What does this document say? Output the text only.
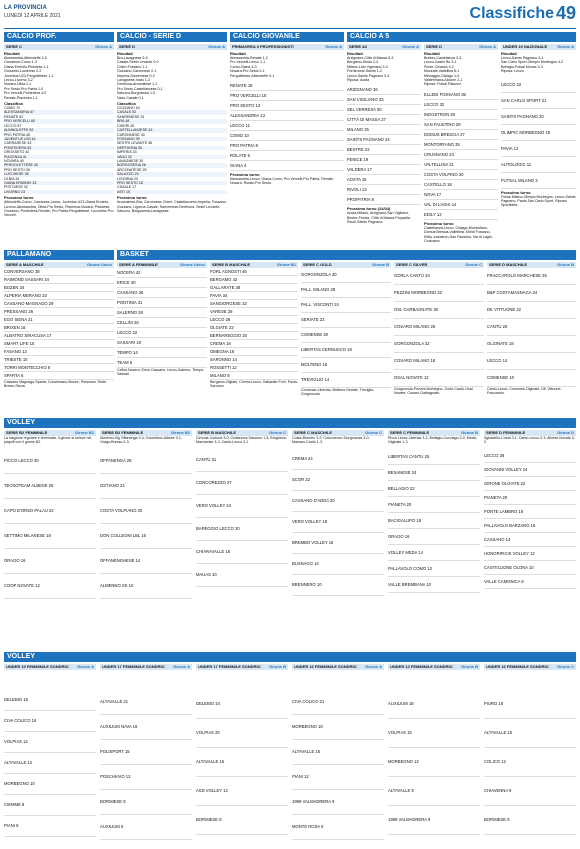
LA PROVINCIA
LUNEDÌ 12 APRILE 2021	Classifiche 49
CALCIO PROF.	CALCIO - SERIE D	CALCIO GIOVANILE	CALCIO A 5
SERIE C	Girone A
Risultati
Alessandria-Albinoleffe 2-0
Carrarese-Como 1-3
Giana Erminio-Pistoiese 1-1
Grosseto-Lucchese 2-2
Juventus U23-Pergolettese 1-1
Lecco-Livorno 3-2
Novara-Olbia 2-1
Pro Sesto-Pro Patria 1-0
Pro Vercelli-Pontedera 4-0
Renate-Piacenza 1-1
Classifica
COMO 70
ALESSANDRIA 67
RENATE 62
PRO VERCELLI 60
LECCO 57
ALBINOLEFFE 52
PRO PATRIA 45
JUVENTUS U23 44
CARRARESE 43
PONTEDERA 43
GROSSETO 42
PIACENZA 41
NOVARA 40
PERGOLETTESE 40
PRO SESTO 39
LUCCHESE 35
OLBIA 34
GIANA ERMINIO 33
PISTOIESE 32
LIVORNO 23
Prossimo turno
Albinoleffe-Como, Carrarese-Lecco, Juventus U23-Giana Erminio, Livorno-Alessandria, Olbia-Pro Sesto, Piacenza-Novara, Pistoiese-Grosseto, Pontedera-Renate, Pro Patria-Pergolettese, Lucchese-Pro Vercelli.
SERIE D	Girone A
Risultati
Bra-Lavagnese 3-0
Casale-Sestri Levante 0-0
Chieri-Fossano 1-1
Gozzano-Caronnese 2-1
Imperia-Sanremese 0-2
Lavagnese-Vado 1-2
Derthona-Arconatese 1-1
Pro Sesto-Castellanzese 0-1
Saluzzo-Borgosesia 1-0
Vado-Casale 0-1
Classifica
GOZZANO 54
CASALE 52
SANREMESE 51
BRA 48
CHIERI 45
CASTELLANZESE 43
CARONNESE 40
FOSSANO 39
SESTRI LEVANTE 36
DERTHONA 35
IMPERIA 33
VADO 32
LAVAGNESE 30
BORGOSESIA 26
ARCONATESE 25
SALUZZO 23
LIGORNA 20
PRO SESTO 18
CASALE 17
ASTI 15
Prossimo turno
Arconatese-Bra, Caronnese-Chieri, Castellanzese-Imperia, Fossano-Gozzano, Ligorna-Casale, Sanremese-Derthona, Sestri Levante-Saluzzo, Borgosesia-Lavagnese.
PRIMAVERA 3 PROFESSIONISTI	Girone A
Risultati
Alessandria-Renate 1-2
Pro Vercelli-Lecco 1-1
Como-Giana 3-0
Novara-Pro Sesto 2-1
Pergolettese-Albinoleffe 0-1
RENATE 18
PRO VERCELLI 15
PRO SESTO 13
ALESSANDRIA 13
LECCO 11
COMO 10
PRO PATRIA 9
ROLATE 6
GIANA 4
Prossimo turno
Alessandria-Lecco, Giana-Como, Pro Vercelli-Pro Patria, Renate-Novara, Rolate-Pro Sesto.
SERIE A2	Girone A
Risultati
Arzignano-Città di Massa 5-3
Bergamo-Sestu 2-4
Milano-Lido Vigevano 3-3
Pordenone-Saints 1-2
Lecco-Saints Pagnano 0-4
Riposa: Aosta
ARZIGNANO 36
SAN VIGILIANO 33
SEL VERRESA 30
CITTÀ DI MASSA 27
MILANO 25
SAINTS PAGNANO 24
BESTRE 22
FENICE 19
VALDERA 17
AOSTA 15
RIVOLI 13
PROPATRIA 9
Prossimo turno (24/04)
Aosta-Milano, Arzignano-San Vigiliano, Bestre-Fenice, Città di Massa-Propatria, Rivoli-Saints Pagnano.
SERIE D	Girone A
Risultati
Bubbio-Castellanza 2-5
Lecco-Castel Bo 3-1
Ponte-Chiasso 4-2
Mozzate-Valtellina 6-1
Menaggio-Cislago 1-4
Valdermana-Alcione 2-1
Riposa: Futsal Palazzo
ELLEDI FOSSANO 35
LECCO 32
INDOSTRON 30
SAN FAUSTINO 28
DOMUS BRESCIA 27
MONTORFANO 25
CRUSNANO 23
VALTELLINA 21
COSTA VOLPINO 20
CASTELLO 18
NOVA 17
VAL DI LAGHI 14
EDILY 12
Prossimo turno
Castellanza-Lecco, Cislago-Montorfano, Domus Brescia-Valtellina, Elledi Fossano-Edily, Indostron-San Faustino, Val di Laghi-Crusnano.
UNDER 19 NAZIONALE	Girone A
Risultati
Lecco-Saints Pagnano 3-4
San Carlo Sport-Olimpic Morbegno 4-2
Bellagio-Futsal Monza 3-3
Riposa: Lecco
LECCO 22
SAN CARLO SPORT 21
SAINTS PAGNANO 20
OLIMPIC MORBEGNO 18
PAVIA 12
AUTOLOGIC 11
FUTSAL MILANO 3
Prossimo turno
Futsal Milano-Olimpic Morbegno, Lecco-Saints Pagnano, Pavia-San Carlo Sport, Riposa: Sportitalia.
PALLAMANO	BASKET
SERIE A MASCHILE	Girone Unico
CONVERSANO 38
RAIMOND SASSARI 34
BOZEN 34
ALPERIA MERANO 33
CASSANO MAGNAGO 29
PRESSANO 26
EGO SIENA 21
BRIXEN 18
ALBATRO SIRACUSA 17
SMART LIFE 15
FASANO 12
TRIESTE 10
TORRI MONTECCHIO 8
SPARTA 6
Cassano Magnago-Sparta, Conversano-Bozen, Pressano-Triste, Brixen-Siena.
SERIE A FEMMINILE	Girone Unico
NOCERA 42
ERICE 40
CASSANO 36
PONTINIA 31
SALERNO 28
CELLINI 26
LECCO 22
SASSARI 19
TEMPO 14
TEAM 9
Cellini-Nocera, Erice-Cassano, Lecco-Salerno, Tempo-Sassari.
SERIE B MASCHILE	Girone B1
FORL AGNOSTI 46
BERGAMO 42
GALLARATE 38
PAVIA 34
SANGIORGESE 32
VARESE 28
LECCO 26
OLGIATE 22
BERNAREGGIO 20
CREMA 18
OMEGNA 16
SARONNO 14
ROSSETTI 12
MILANO 8
Bergamo-Olgiate, Crema-Lecco, Gallarate-Forlì, Pavia-Saronno.
SERIE C GOLD	Girone B
GORGONZOLA 30
PALL. MILANO 28
PALL. VISCONTI 24
SERIATE 22
COMENSE 20
LIBERTAS CERNUSCO 18
MOLTENO 16
TREVIGLIO 14
Comense-Libertas, Molteno-Seriate, Treviglio-Gorgonzola.
SERIE C SILVER	Girone C
GORLA CANTÙ 34
PEZZINI MORBEGNO 32
OSL GARBAGNATE 30
COSARO MILANO 26
GORGONZOLA 22
COSARO MILANO 18
OSAL NOVATE 12
Gorgonzola-Pezzini Morbegno, Gorla Cantù-Osal Novate, Cosaro-Garbagnate.
SERIE D MASCHILE	Girone B
FRACCAROLO MARCHESE 26
B&P COSTAMASNAGA 24
DK VITTUONE 22
CANTÙ 20
OLGINATE 18
LECCO 14
COMENSE 10
Cantù-Lecco, Comense-Olginate, DK Vittuone-Fraccarolo.
VOLLEY
SERIE B2 FEMMINILE	Girone B1
La stagione regolare è terminata. Il girone si unisce nei playoff con il girone B2.
PICCO LECCO 30
TECNOTEAM ALBESE 26
CAPO D'ORSO PALAU 22
SETTIMO MILANESE 18
ORAGO 16
COOP NOVATE 12
SERIE B2 FEMMINILE	Girone B2
Almenno-Bg Offanenga 3-0; Cotonificio-Albese 3-1; Orago-Bresso 0-3.
OFFANENGA 28
OSTIANO 24
COSTA VOLPIANO 20
DON COLLEONI LBL 16
OFFANENGHESE 14
ALMENNO SS 10
SERIE B MASCHILE	Girone C
Cercola-Cortona 3-0; Civitanova-Saronno 1-3; Brugherio-Marcianise 3-2; Cantù-Lecco 3-1.
CANTÙ 31
CONCOREZZO 27
VERO VOLLEY 24
BAREGGIO LECCO 20
CHIARAVALLE 15
MAUAS 10
SERIE C MASCHILE	Girone C
Costa-Brembo 3-2; Concorezzo-Gorgonzola 3-0; Mariano-Cantù 1-3.
CREMA 24
SCOR 22
CASSANO D'ADDA 20
VERO VOLLEY 18
BREMBO VOLLEY 16
BUSNAGO 14
BRENNERO 10
SERIE C FEMMINILE	Girone B
Picco Lecco-Libertas 3-1; Bellagio-Cucciago 3-0; Meda-Olginate 1-3.
LIBERTAS CANTÙ 26
BESANESE 24
BELLAGIO 22
PIANETA 20
BACIGALUPO 18
ORAGO 16
VOLLEY MEDA 14
PALLAVOLO COMO 12
VALLE BREMBANA 10
SERIE D FEMMINILE	Girone D
Agnadello-Costa 3-1; Cantù-Lecco 0-3; Albese-Novate 3-2.
LECCO 28
GIOVANNI VOLLEY 24
GIRONE OLGIATE 22
PIANETA 20
PONTE LAMBRO 18
PALLAVOLO BARZANÒ 16
CASSANO 14
HONORIFICIS VOLLEY 12
CASTIGLIONE OLONA 10
VALLE CAMONICA 8
VOLLEY
UNDER 19 FEMMINILE SONDRIO Girone A
DELEBIO 18
CIVA COLICO 16
VOLPIAS 14
ALTAVALLE 12
MORBEGNO 10
CIEMME 8
PIANI 6
UNDER 17 FEMMINILE SONDRIO Girone A
ALTAVALLE 21
AUXILIUM NAVA 18
POLISPORT 15
POSCHIAVO 12
BORMIESE 9
AUXILIUM 6
UNDER 17 FEMMINILE SONDRIO Girone B
DELEBIO 24
VOLPIAS 20
ALTAVALLE 16
ASD VOLLEY 12
BORMIESE 8
UNDER 16 FEMMINILE SONDRIO Girone A
CIVA COLICO 21
MORBEGNO 18
ALTAVALLE 15
PIANI 12
1999 VALMADRERA 9
MONTE ROSA 6
UNDER 13 FEMMINILE SONDRIO Girone B
AUXILIUM 18
VOLPIAS 15
MORBEGNO 12
ALTAVALLE 9
1999 VALMADRERA 6
UNDER 16 FEMMINILE SONDRIO Girone C
PIURO 18
ALTAVALLE 15
COLICO 12
CHIAVENNA 9
BORMIESE 6
